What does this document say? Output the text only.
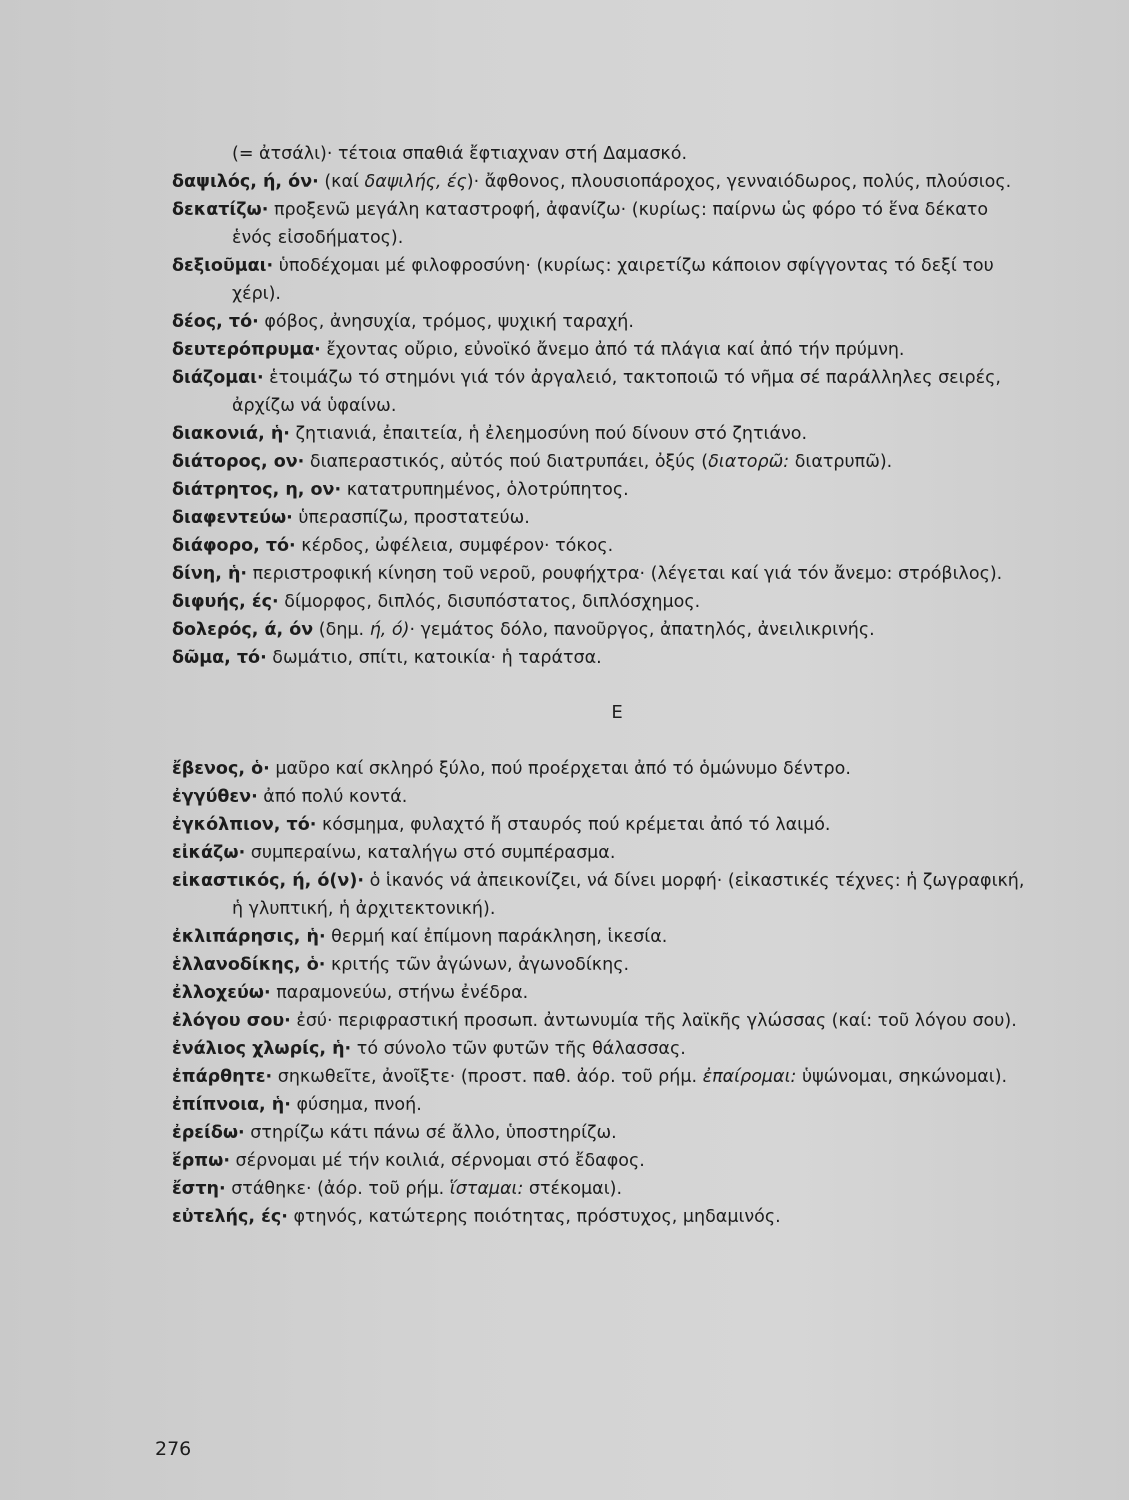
(= ἀτσάλι)· τέτοια σπαθιά ἔφτιαχναν στή Δαμασκό.

δαψιλός, ή, όν· (καί δαψιλής, ές)· ἄφθονος, πλουσιοπάροχος, γενναιόδωρος, πολύς, πλούσιος.

δεκατίζω· προξενῶ μεγάλη καταστροφή, ἀφανίζω· (κυρίως: παίρνω ὡς φόρο τό ἕνα δέκατο ἑνός εἰσοδήματος).

δεξιοῦμαι· ὑποδέχομαι μέ φιλοφροσύνη· (κυρίως: χαιρετίζω κάποιον σφίγγοντας τό δεξί του χέρι).

δέος, τό· φόβος, ἀνησυχία, τρόμος, ψυχική ταραχή.

δευτερόπρυμα· ἔχοντας οὔριο, εὐνοϊκό ἄνεμο ἀπό τά πλάγια καί ἀπό τήν πρύμνη.

διάζομαι· ἑτοιμάζω τό στημόνι γιά τόν ἀργαλειό, τακτοποιῶ τό νῆμα σέ παράλληλες σειρές, ἀρχίζω νά ὑφαίνω.

διακονιά, ἡ· ζητιανιά, ἐπαιτεία, ἡ ἐλεημοσύνη πού δίνουν στό ζητιάνο.

διάτορος, ον· διαπεραστικός, αὐτός πού διατρυπάει, ὀξύς (διατορῶ: διατρυπῶ).

διάτρητος, η, ον· κατατρυπημένος, ὁλοτρύπητος.

διαφεντεύω· ὑπερασπίζω, προστατεύω.

διάφορο, τό· κέρδος, ὠφέλεια, συμφέρον· τόκος.

δίνη, ἡ· περιστροφική κίνηση τοῦ νεροῦ, ρουφήχτρα· (λέγεται καί γιά τόν ἄνεμο: στρόβιλος).

διφυής, ές· δίμορφος, διπλός, δισυπόστατος, διπλόσχημος.

δολερός, ά, όν (δημ. ή, ό)· γεμάτος δόλο, πανοῦργος, ἀπατηλός, ἀνειλικρινής.

δῶμα, τό· δωμάτιο, σπίτι, κατοικία· ἡ ταράτσα.

Ε

ἔβενος, ὁ· μαῦρο καί σκληρό ξύλο, πού προέρχεται ἀπό τό ὁμώνυμο δέντρο.

ἐγγύθεν· ἀπό πολύ κοντά.

ἐγκόλπιον, τό· κόσμημα, φυλαχτό ἤ σταυρός πού κρέμεται ἀπό τό λαιμό.

εἰκάζω· συμπεραίνω, καταλήγω στό συμπέρασμα.

εἰκαστικός, ή, ό(ν)· ὁ ἱκανός νά ἀπεικονίζει, νά δίνει μορφή· (εἰκαστικές τέχνες: ἡ ζωγραφική, ἡ γλυπτική, ἡ ἀρχιτεκτονική).

ἐκλιπάρησις, ἡ· θερμή καί ἐπίμονη παράκληση, ἱκεσία.

ἑλλανοδίκης, ὁ· κριτής τῶν ἀγώνων, ἀγωνοδίκης.

ἐλλοχεύω· παραμονεύω, στήνω ἐνέδρα.

ἐλόγου σου· ἐσύ· περιφραστική προσωπ. ἀντωνυμία τῆς λαϊκῆς γλώσσας (καί: τοῦ λόγου σου).

ἐνάλιος χλωρίς, ἡ· τό σύνολο τῶν φυτῶν τῆς θάλασσας.

ἐπάρθητε· σηκωθεῖτε, ἀνοῖξτε· (προστ. παθ. ἀόρ. τοῦ ρήμ. ἐπαίρομαι: ὑψώνομαι, σηκώνομαι).

ἐπίπνοια, ἡ· φύσημα, πνοή.

ἐρείδω· στηρίζω κάτι πάνω σέ ἄλλο, ὑποστηρίζω.

ἕρπω· σέρνομαι μέ τήν κοιλιά, σέρνομαι στό ἔδαφος.

ἔστη· στάθηκε· (ἀόρ. τοῦ ρήμ. ἵσταμαι: στέκομαι).

εὐτελής, ές· φτηνός, κατώτερης ποιότητας, πρόστυχος, μηδαμινός.

276
